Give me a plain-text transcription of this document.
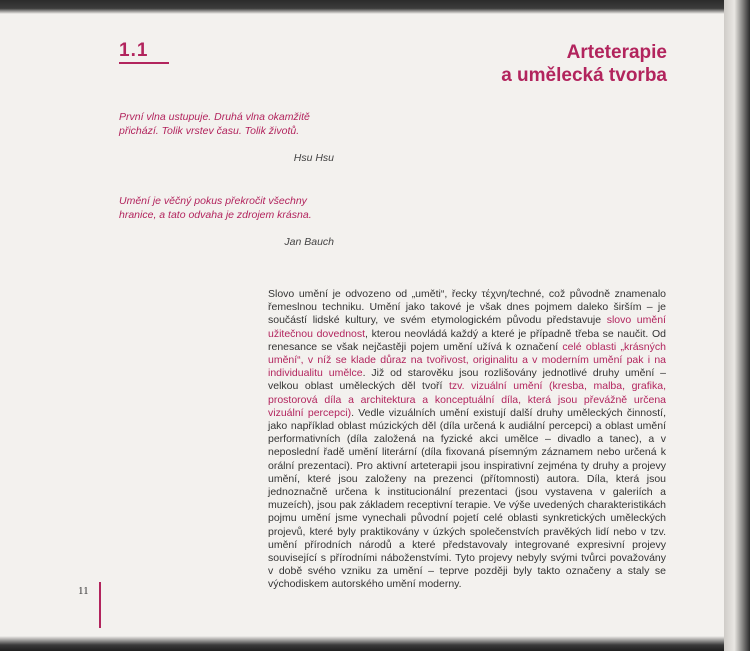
1.1	Arteterapie
a umělecká tvorba
První vlna ustupuje. Druhá vlna okamžitě přichází. Tolik vrstev času. Tolik životů.
Hsu Hsu
Umění je věčný pokus překročit všechny hranice, a tato odvaha je zdrojem krásna.
Jan Bauch
Slovo umění je odvozeno od „uměti“, řecky τέχνη/techné, což původně znamenalo řemeslnou techniku. Umění jako takové je však dnes pojmem daleko širším – je součástí lidské kultury, ve svém etymologickém původu představuje slovo umění užitečnou dovednost, kterou neovládá každý a které je případně třeba se naučit. Od renesance se však nejčastěji pojem umění užívá k označení celé oblasti „krásných umění“, v níž se klade důraz na tvořivost, originalitu a v moderním umění pak i na individualitu umělce. Již od starověku jsou rozlišovány jednotlivé druhy umění – velkou oblast uměleckých děl tvoří tzv. vizuální umění (kresba, malba, grafika, prostorová díla a architektura a konceptuální díla, která jsou převážně určena vizuální percepci). Vedle vizuálních umění existují další druhy uměleckých činností, jako například oblast múzických děl (díla určená k audiální percepci) a oblast umění performativních (díla založená na fyzické akci umělce – divadlo a tanec), a v neposlední řadě umění literární (díla fixovaná písemným záznamem nebo určená k orální prezentaci). Pro aktivní arteterapii jsou inspirativní zejména ty druhy a projevy umění, které jsou založeny na prezenci (přítomnosti) autora. Díla, která jsou jednoznačně určena k institucionální prezentaci (jsou vystavena v galeriích a muzeích), jsou pak základem receptivní terapie. Ve výše uvedených charakteristikách pojmu umění jsme vynechali původní pojetí celé oblasti synkretických uměleckých projevů, které byly praktikovány v úzkých společenstvích pravěkých lidí nebo v tzv. umění přírodních národů a které představovaly integrované expresivní projevy související s přírodními náboženstvími. Tyto projevy nebyly svými tvůrci považovány v době svého vzniku za umění – teprve později byly takto označeny a staly se východiskem autorského umění moderny.
11
